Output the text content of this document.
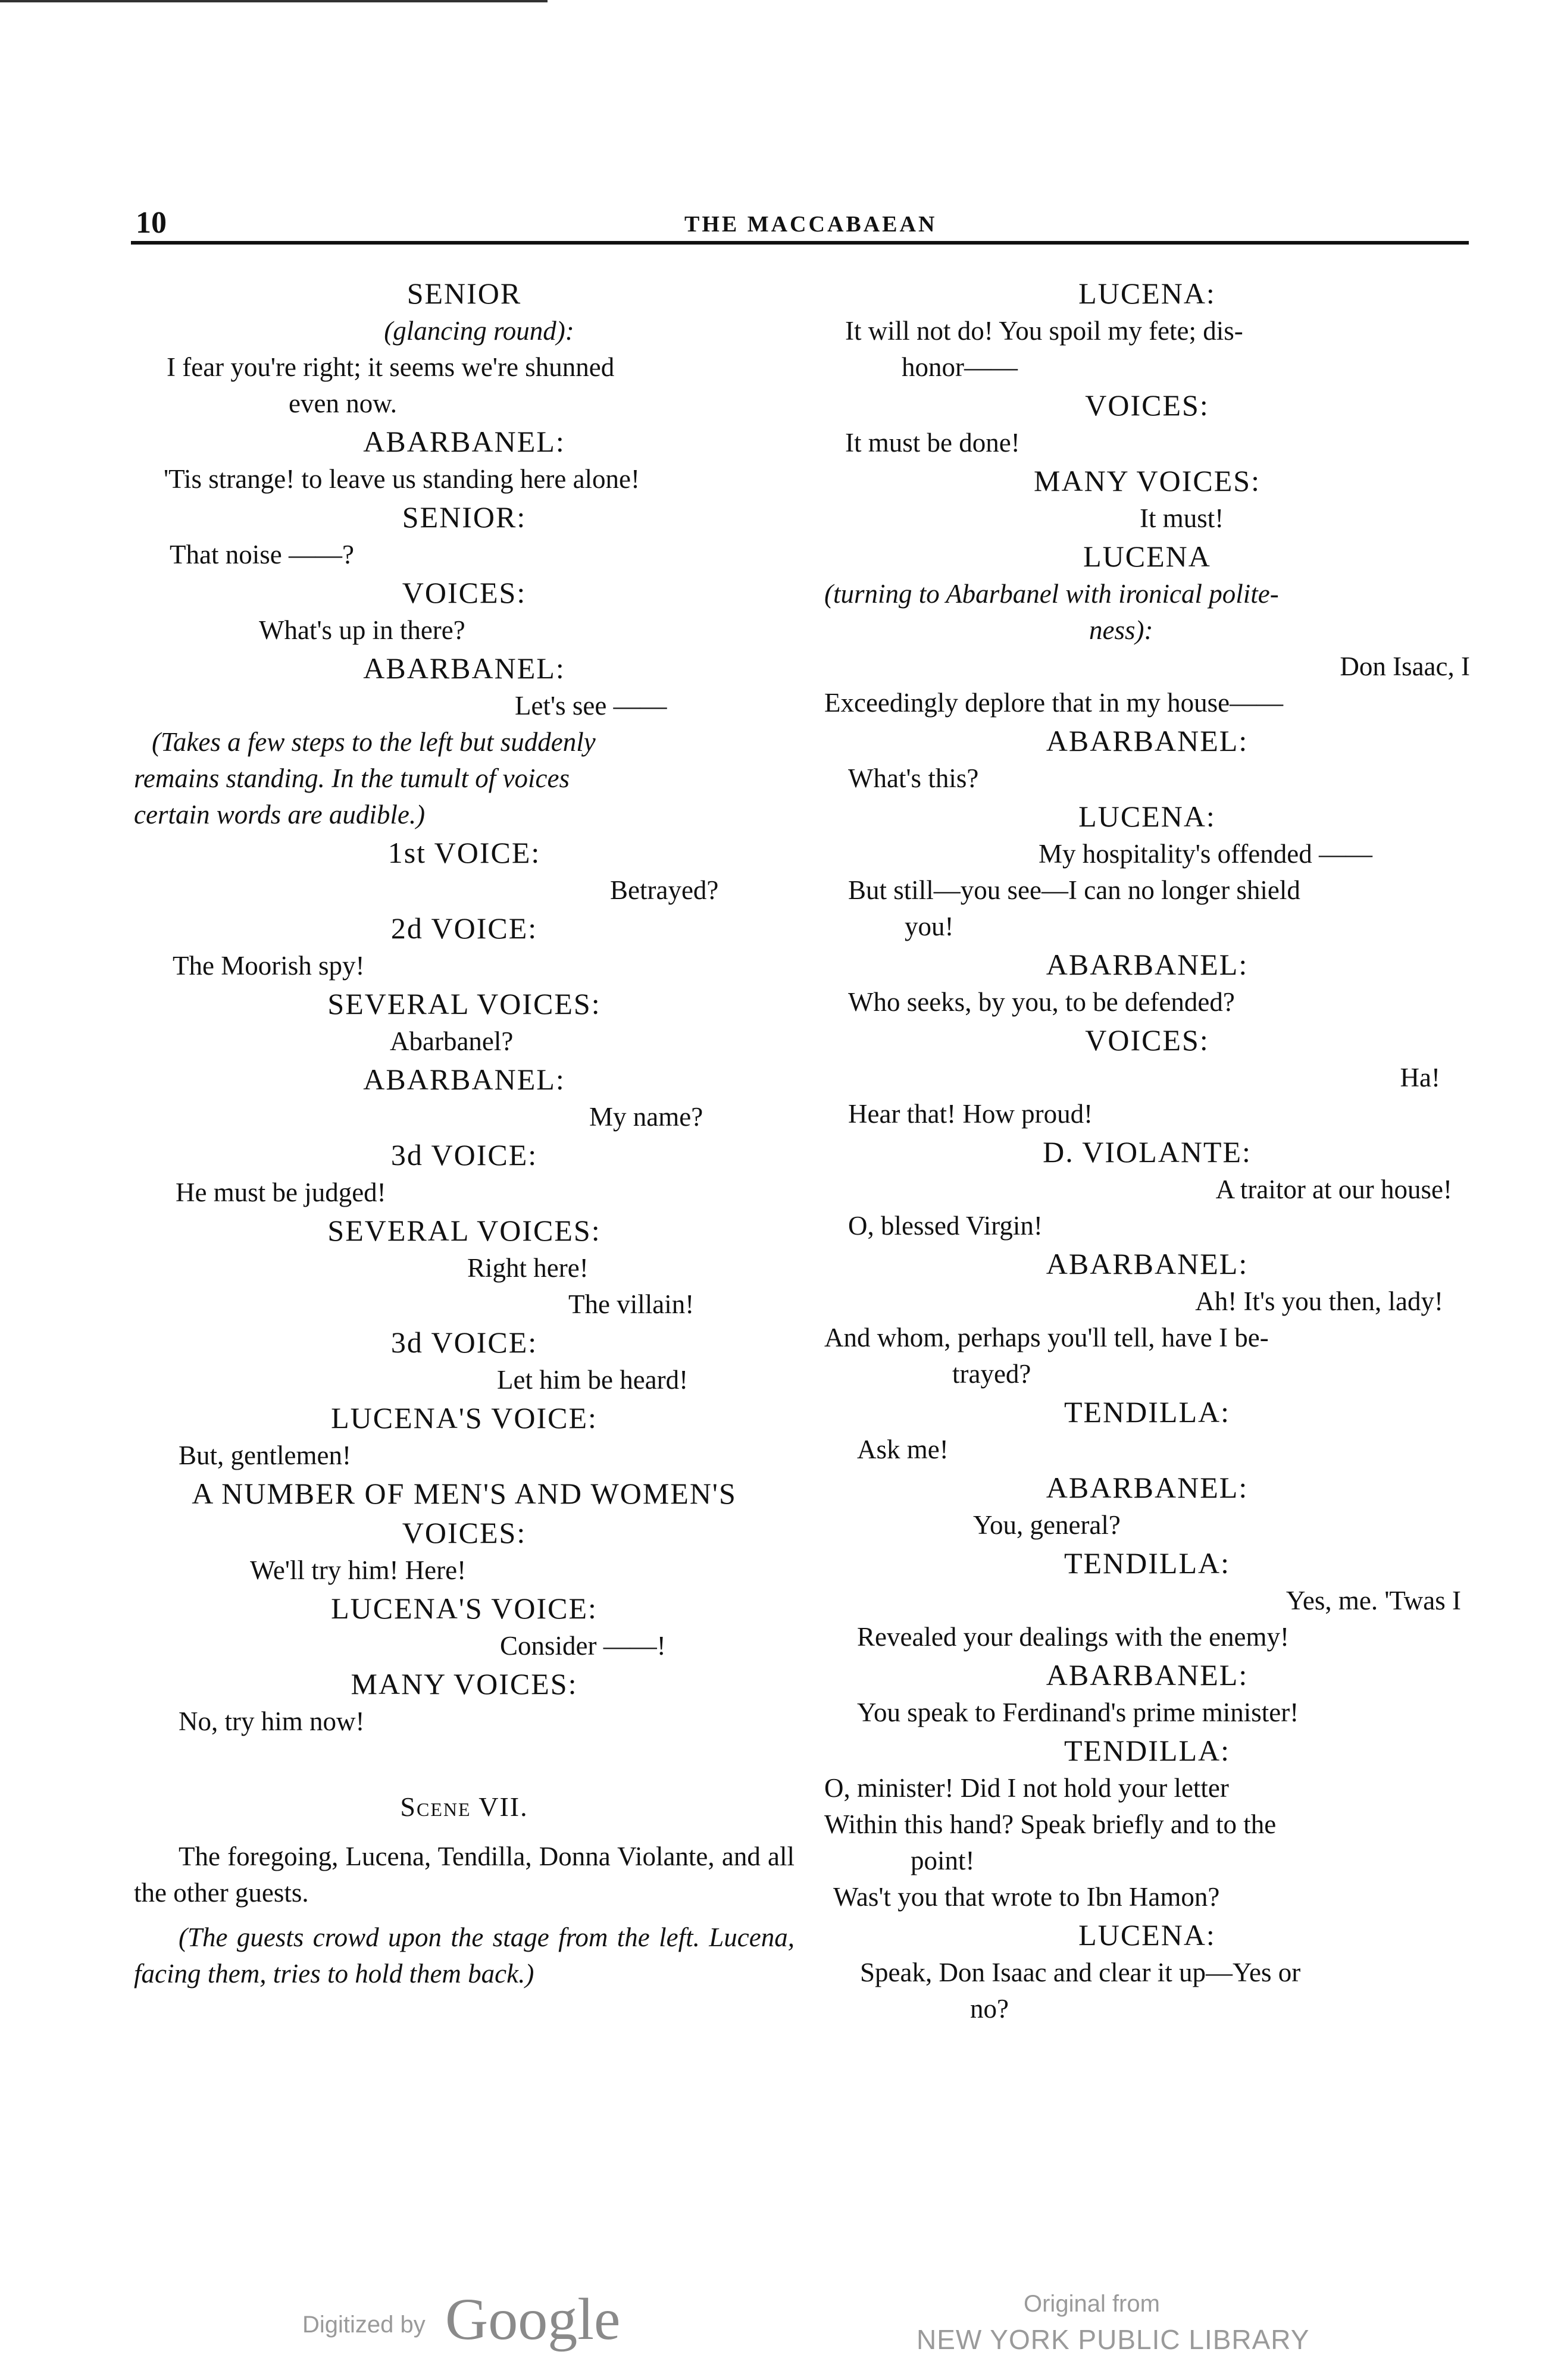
10	THE MACCABAEAN

SENIOR

(glancing round):

I fear you're right; it seems we're shunned

even now.

ABARBANEL:

'Tis strange! to leave us standing here alone!

SENIOR:

That noise ——?

VOICES:

What's up in there?

ABARBANEL:

Let's see ——

(Takes a few steps to the left but suddenly

remains standing. In the tumult of voices

certain words are audible.)

1st VOICE:

Betrayed?

2d VOICE:

The Moorish spy!

SEVERAL VOICES:

Abarbanel?

ABARBANEL:

My name?

3d VOICE:

He must be judged!

SEVERAL VOICES:

Right here!

The villain!

3d VOICE:

Let him be heard!

LUCENA'S VOICE:

But, gentlemen!

A NUMBER OF MEN'S AND WOMEN'S

VOICES:

We'll try him! Here!

LUCENA'S VOICE:

Consider ——!

MANY VOICES:

No, try him now!

Scene VII.

The foregoing, Lucena, Tendilla, Donna Violante, and all the other guests.

(The guests crowd upon the stage from the left. Lucena, facing them, tries to hold them back.)

LUCENA:

It will not do! You spoil my fete; dis-

honor——

VOICES:

It must be done!

MANY VOICES:

It must!

LUCENA

(turning to Abarbanel with ironical polite-

ness):

Don Isaac, I

Exceedingly deplore that in my house——

ABARBANEL:

What's this?

LUCENA:

My hospitality's offended ——

But still—you see—I can no longer shield

you!

ABARBANEL:

Who seeks, by you, to be defended?

VOICES:

Ha!

Hear that! How proud!

D. VIOLANTE:

A traitor at our house!

O, blessed Virgin!

ABARBANEL:

Ah! It's you then, lady!

And whom, perhaps you'll tell, have I be-

trayed?

TENDILLA:

Ask me!

ABARBANEL:

You, general?

TENDILLA:

Yes, me. 'Twas I

Revealed your dealings with the enemy!

ABARBANEL:

You speak to Ferdinand's prime minister!

TENDILLA:

O, minister! Did I not hold your letter

Within this hand? Speak briefly and to the

point!

Was't you that wrote to Ibn Hamon?

LUCENA:

Speak, Don Isaac and clear it up—Yes or

no?

Digitized by Google	Original from
NEW YORK PUBLIC LIBRARY
